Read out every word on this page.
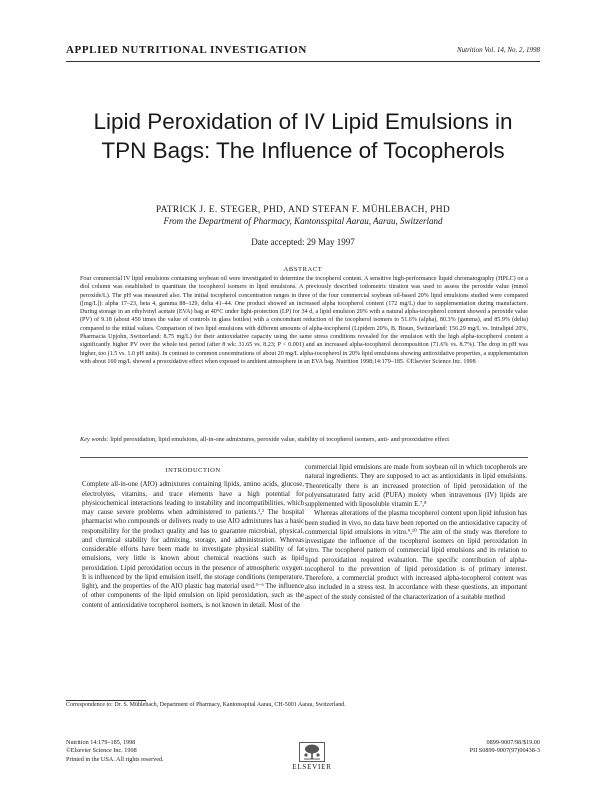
APPLIED NUTRITIONAL INVESTIGATION	Nutrition Vol. 14, No. 2, 1998
Lipid Peroxidation of IV Lipid Emulsions in
TPN Bags: The Influence of Tocopherols
PATRICK J. E. STEGER, PHD, AND STEFAN F. MÜHLEBACH, PHD
From the Department of Pharmacy, Kantonsspital Aarau, Aarau, Switzerland
Date accepted: 29 May 1997
ABSTRACT
Four commercial IV lipid emulsions containing soybean oil were investigated to determine the tocopherol content. A sensitive high-performance liquid chromatography (HPLC) on a diol column was established to quantitate the tocopherol isomers in lipid emulsions. A previously described iodometric titration was used to assess the peroxide value (mmol peroxide/L). The pH was measured also. The initial tocopherol concentration ranges in three of the four commercial soybean oil-based 20% lipid emulsions studied were compared ([mg/L]): alpha 17–23, beta 4, gamma 88–129, delta 41–44. One product showed an increased alpha tocopherol content (172 mg/L) due to supplementation during manufacture. During storage in an ethylvinyl acetate (EVA) bag at 40°C under light-protection (LP) for 34 d, a lipid emulsion 20% with a natural alpha-tocopherol content showed a peroxide value (PV) of 9.18 (about 450 times the value of controls in glass bottles) with a concomitant reduction of the tocopherol isomers to 51.6% (alpha), 80.3% (gamma), and 85.9% (delta) compared to the initial values. Comparison of two lipid emulsions with different amounts of alpha-tocopherol (Lipidem 20%, B. Braun, Switzerland: 156.29 mg/L vs. Intralipid 20%, Pharmacia Upjohn, Switzerland: 8.75 mg/L) for their antioxidative capacity using the same stress conditions revealed for the emulsion with the high alpha-tocopherol content a significantly higher PV over the whole test period (after 8 wk: 31.65 vs. 8.23; P < 0.001) and an increased alpha-tocopherol decomposition (71.6% vs. 8.7%). The drop in pH was higher, too (1.5 vs. 1.0 pH units). In contrast to common concentrations of about 20 mg/L alpha-tocopherol in 20% lipid emulsions showing antioxidative properties, a supplementation with about 160 mg/L showed a prooxidative effect when exposed to ambient atmosphere in an EVA bag. Nutrition 1998;14:179–185. ©Elsevier Science Inc. 1998
Key words: lipid peroxidation, lipid emulsions, all-in-one admixtures, peroxide value, stability of tocopherol isomers, anti- and prooxidative effect
INTRODUCTION

Complete all-in-one (AIO) admixtures containing lipids, amino acids, glucose, electrolytes, vitamins, and trace elements have a high potential for physicochemical interactions leading to instability and incompatibilities, which may cause severe problems when administered to patients.¹,² The hospital pharmacist who compounds or delivers ready to use AIO admixtures has a basic responsibility for the product quality and has to guarantee microbial, physical, and chemical stability for admixing, storage, and administration. Whereas considerable efforts have been made to investigate physical stability of fat emulsions, very little is known about chemical reactions such as lipid peroxidation. Lipid peroxidation occurs in the presence of atmospheric oxygen. It is influenced by the lipid emulsion itself, the storage conditions (temperature, light), and the properties of the AIO plastic bag material used.³⁻⁶ The influence of other components of the lipid emulsion on lipid peroxidation, such as the content of antioxidative tocopherol isomers, is not known in detail. Most of the

commercial lipid emulsions are made from soybean oil in which tocopherols are natural ingredients. They are supposed to act as antioxidants in lipid emulsions. Theoretically there is an increased protection of lipid peroxidation of the polyunsaturated fatty acid (PUFA) moiety when intravenous (IV) lipids are supplemented with liposoluble vitamin E.⁷,⁸

Whereas alterations of the plasma tocopherol content upon lipid infusion has been studied in vivo, no data have been reported on the antioxidative capacity of commercial lipid emulsions in vitro.⁹,¹⁰ The aim of the study was therefore to investigate the influence of the tocopherol isomers on lipid peroxidation in vitro. The tocopherol pattern of commercial lipid emulsions and its relation to lipid peroxidation required evaluation. The specific contribution of alpha-tocopherol to the prevention of lipid peroxidation is of primary interest. Therefore, a commercial product with increased alpha-tocopherol content was also included in a stress test. In accordance with these questions, an important aspect of the study consisted of the characterization of a suitable method

Correspondence to: Dr. S. Mühlebach, Department of Pharmacy, Kantonsspital Aarau, CH-5001 Aarau, Switzerland.
Nutrition 14:179–185, 1998
©Elsevier Science Inc. 1998
Printed in the USA. All rights reserved.
ELSEVIER
0899-9007/98/$19.00
PII S0899-9007(97)00438-3
